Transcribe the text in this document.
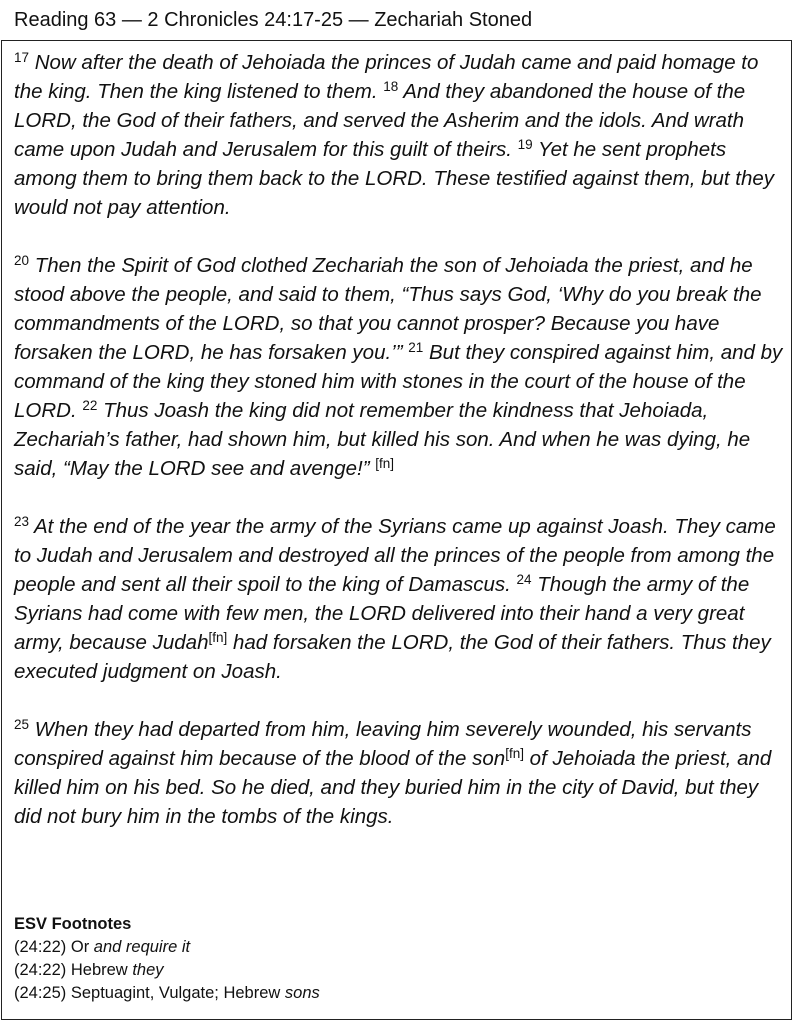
Reading 63 — 2 Chronicles 24:17-25 — Zechariah Stoned

$^{17}$ Now after the death of Jehoiada the princes of Judah came and paid homage to the king. Then the king listened to them. $^{18}$ And they abandoned the house of the LORD, the God of their fathers, and served the Asherim and the idols. And wrath came upon Judah and Jerusalem for this guilt of theirs. $^{19}$ Yet he sent prophets among them to bring them back to the LORD. These testified against them, but they would not pay attention.

$^{20}$ Then the Spirit of God clothed Zechariah the son of Jehoiada the priest, and he stood above the people, and said to them, “Thus says God, ‘Why do you break the commandments of the LORD, so that you cannot prosper? Because you have forsaken the LORD, he has forsaken you.’” $^{21}$ But they conspired against him, and by command of the king they stoned him with stones in the court of the house of the LORD. $^{22}$ Thus Joash the king did not remember the kindness that Jehoiada, Zechariah’s father, had shown him, but killed his son. And when he was dying, he said, “May the LORD see and avenge!” [fn]

$^{23}$ At the end of the year the army of the Syrians came up against Joash. They came to Judah and Jerusalem and destroyed all the princes of the people from among the people and sent all their spoil to the king of Damascus. $^{24}$ Though the army of the Syrians had come with few men, the LORD delivered into their hand a very great army, because Judah[fn] had forsaken the LORD, the God of their fathers. Thus they executed judgment on Joash.

$^{25}$ When they had departed from him, leaving him severely wounded, his servants conspired against him because of the blood of the son[fn] of Jehoiada the priest, and killed him on his bed. So he died, and they buried him in the city of David, but they did not bury him in the tombs of the kings.

ESV Footnotes
(24:22) Or and require it
(24:22) Hebrew they
(24:25) Septuagint, Vulgate; Hebrew sons
